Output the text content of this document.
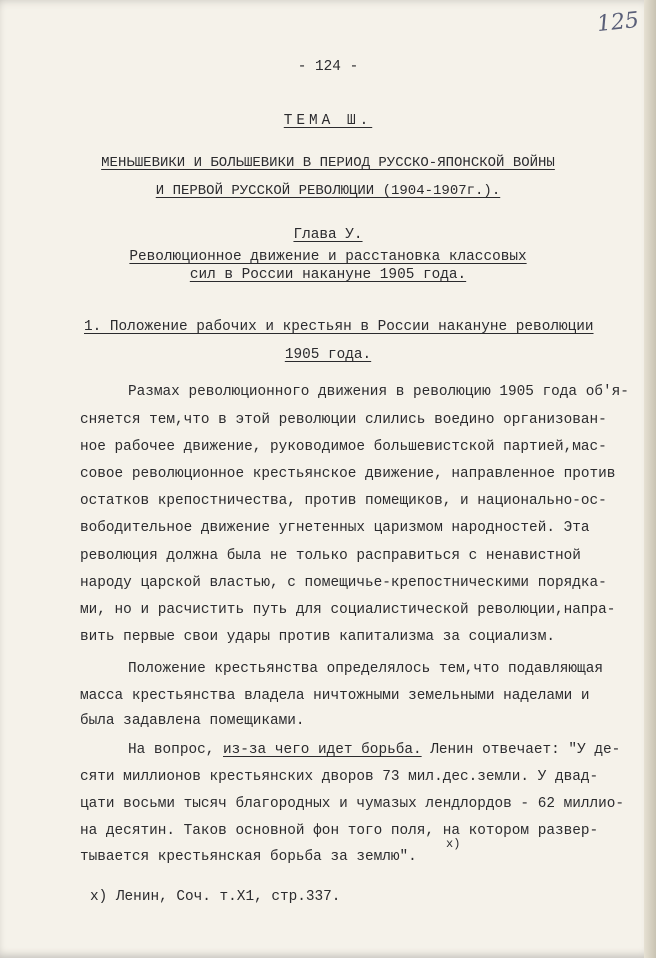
125
- 124 -
ТЕМА Ш.
МЕНЬШЕВИКИ И БОЛЬШЕВИКИ В ПЕРИОД РУССКО-ЯПОНСКОЙ ВОЙНЫ
И ПЕРВОЙ РУССКОЙ РЕВОЛЮЦИИ (1904-1907г.).
Глава У.
Революционное движение и расстановка классовых
сил в России накануне 1905 года.
1. Положение рабочих и крестьян в России накануне революции
1905 года.
Размах революционного движения в революцию 1905 года об'я-
сняется тем,что в этой революции слились воедино организован-
ное рабочее движение, руководимое большевистской партией,мас-
совое революционное крестьянское движение, направленное против
остатков крепостничества, против помещиков, и национально-ос-
вободительное движение угнетенных царизмом народностей. Эта
революция должна была не только расправиться с ненавистной
народу царской властью, с помещичье-крепостническими порядка-
ми, но и расчистить путь для социалистической революции,напра-
вить первые свои удары против капитализма за социализм.
Положение крестьянства определялось тем,что подавляющая
масса крестьянства владела ничтожными земельными наделами и
была задавлена помещиками.
На вопрос, из-за чего идет борьба. Ленин отвечает: "У де-
сяти миллионов крестьянских дворов 73 мил.дес.земли. У двад-
цати восьми тысяч благородных и чумазых лендлордов - 62 миллио-
на десятин. Таков основной фон того поля, на котором развер-
х)
тывается крестьянская борьба за землю".
х) Ленин, Соч. т.Х1, стр.337.
